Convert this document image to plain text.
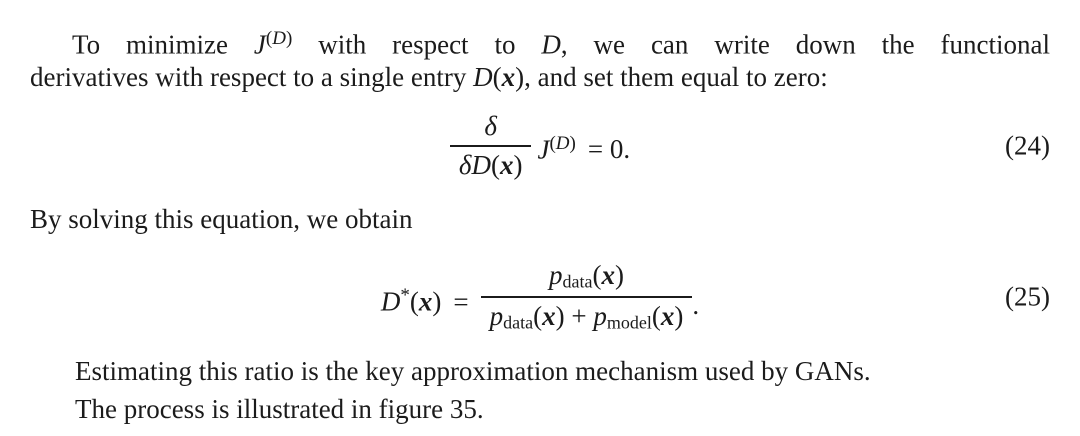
To minimize $J^{(D)}$ with respect to D, we can write down the functional
derivatives with respect to a single entry D(x), and set them equal to zero:
$\frac{\delta}{\delta D(x)} J^{(D)} = 0$.	(24)
By solving this equation, we obtain
$D^*(x) = \frac{\text{pdata(x)}}{\text{pdata(x) + pmodel(x)}}$ .	(25)
Estimating this ratio is the key approximation mechanism used by GANs.
The process is illustrated in figure 35.
